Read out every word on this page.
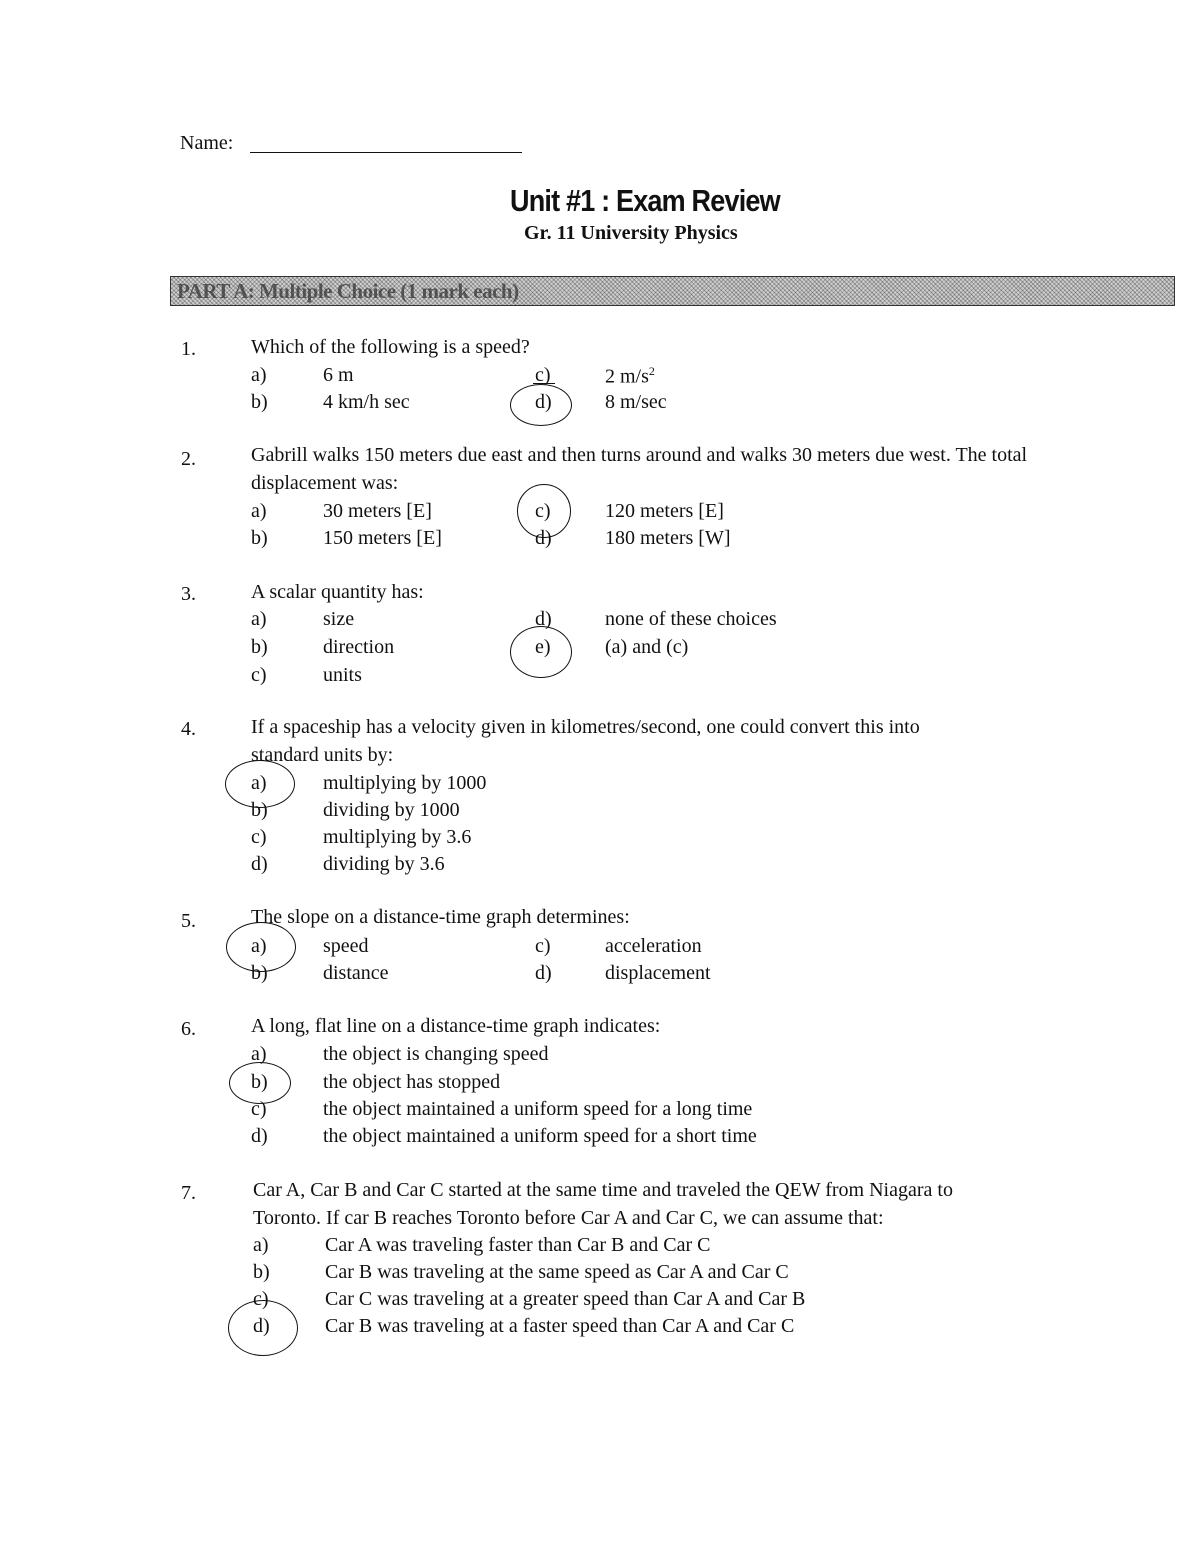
Name:
Unit #1 : Exam Review
Gr. 11 University Physics
PART A: Multiple Choice (1 mark each)
1.	Which of the following is a speed?
a)	6 m
b)	4 km/h sec
c)	2 $m/s^2$
d)	8 m/sec
2.	Gabrill walks 150 meters due east and then turns around and walks 30 meters due west. The total
displacement was:
a)	30 meters [E]
b)	150 meters [E]
c)	120 meters [E]
d)	180 meters [W]
3.	A scalar quantity has:
a)	size
b)	direction
c)	units
d)	none of these choices
e)	(a) and (c)
4.	If a spaceship has a velocity given in kilometres/second, one could convert this into
standard units by:
a)	multiplying by 1000
b)	dividing by 1000
c)	multiplying by 3.6
d)	dividing by 3.6
5.	The slope on a distance-time graph determines:
a)	speed
b)	distance
c)	acceleration
d)	displacement
6.	A long, flat line on a distance-time graph indicates:
a)	the object is changing speed
b)	the object has stopped
c)	the object maintained a uniform speed for a long time
d)	the object maintained a uniform speed for a short time
7.	Car A, Car B and Car C started at the same time and traveled the QEW from Niagara to
Toronto. If car B reaches Toronto before Car A and Car C, we can assume that:
a)	Car A was traveling faster than Car B and Car C
b)	Car B was traveling at the same speed as Car A and Car C
c)	Car C was traveling at a greater speed than Car A and Car B
d)	Car B was traveling at a faster speed than Car A and Car C
